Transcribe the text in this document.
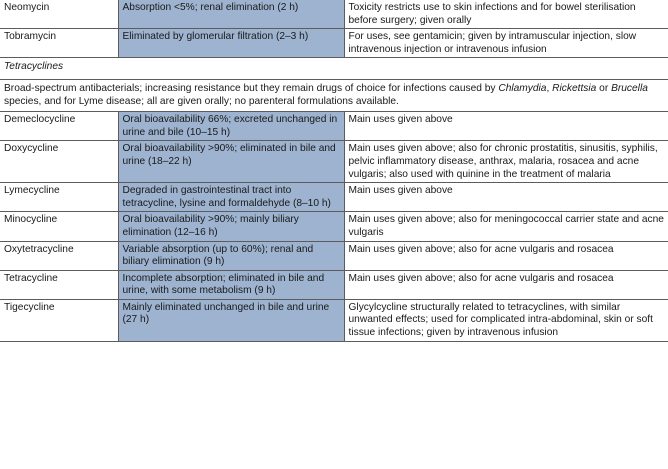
Neomycin	Absorption <5%; renal elimination (2 h)	Toxicity restricts use to skin infections and for bowel sterilisation before surgery; given orally
Tobramycin	Eliminated by glomerular filtration (2–3 h)	For uses, see gentamicin; given by intramuscular injection, slow intravenous injection or intravenous infusion
Tetracyclines		
Broad-spectrum antibacterials; increasing resistance but they remain drugs of choice for infections caused by Chlamydia, Rickettsia or Brucella species, and for Lyme disease; all are given orally; no parenteral formulations available.		
Demeclocycline	Oral bioavailability 66%; excreted unchanged in urine and bile (10–15 h)	Main uses given above
Doxycycline	Oral bioavailability >90%; eliminated in bile and urine (18–22 h)	Main uses given above; also for chronic prostatitis, sinusitis, syphilis, pelvic inflammatory disease, anthrax, malaria, rosacea and acne vulgaris; also used with quinine in the treatment of malaria
Lymecycline	Degraded in gastrointestinal tract into tetracycline, lysine and formaldehyde (8–10 h)	Main uses given above
Minocycline	Oral bioavailability >90%; mainly biliary elimination (12–16 h)	Main uses given above; also for meningococcal carrier state and acne vulgaris
Oxytetracycline	Variable absorption (up to 60%); renal and biliary elimination (9 h)	Main uses given above; also for acne vulgaris and rosacea
Tetracycline	Incomplete absorption; eliminated in bile and urine, with some metabolism (9 h)	Main uses given above; also for acne vulgaris and rosacea
Tigecycline	Mainly eliminated unchanged in bile and urine (27 h)	Glycylcycline structurally related to tetracyclines, with similar unwanted effects; used for complicated intra-abdominal, skin or soft tissue infections; given by intravenous infusion
